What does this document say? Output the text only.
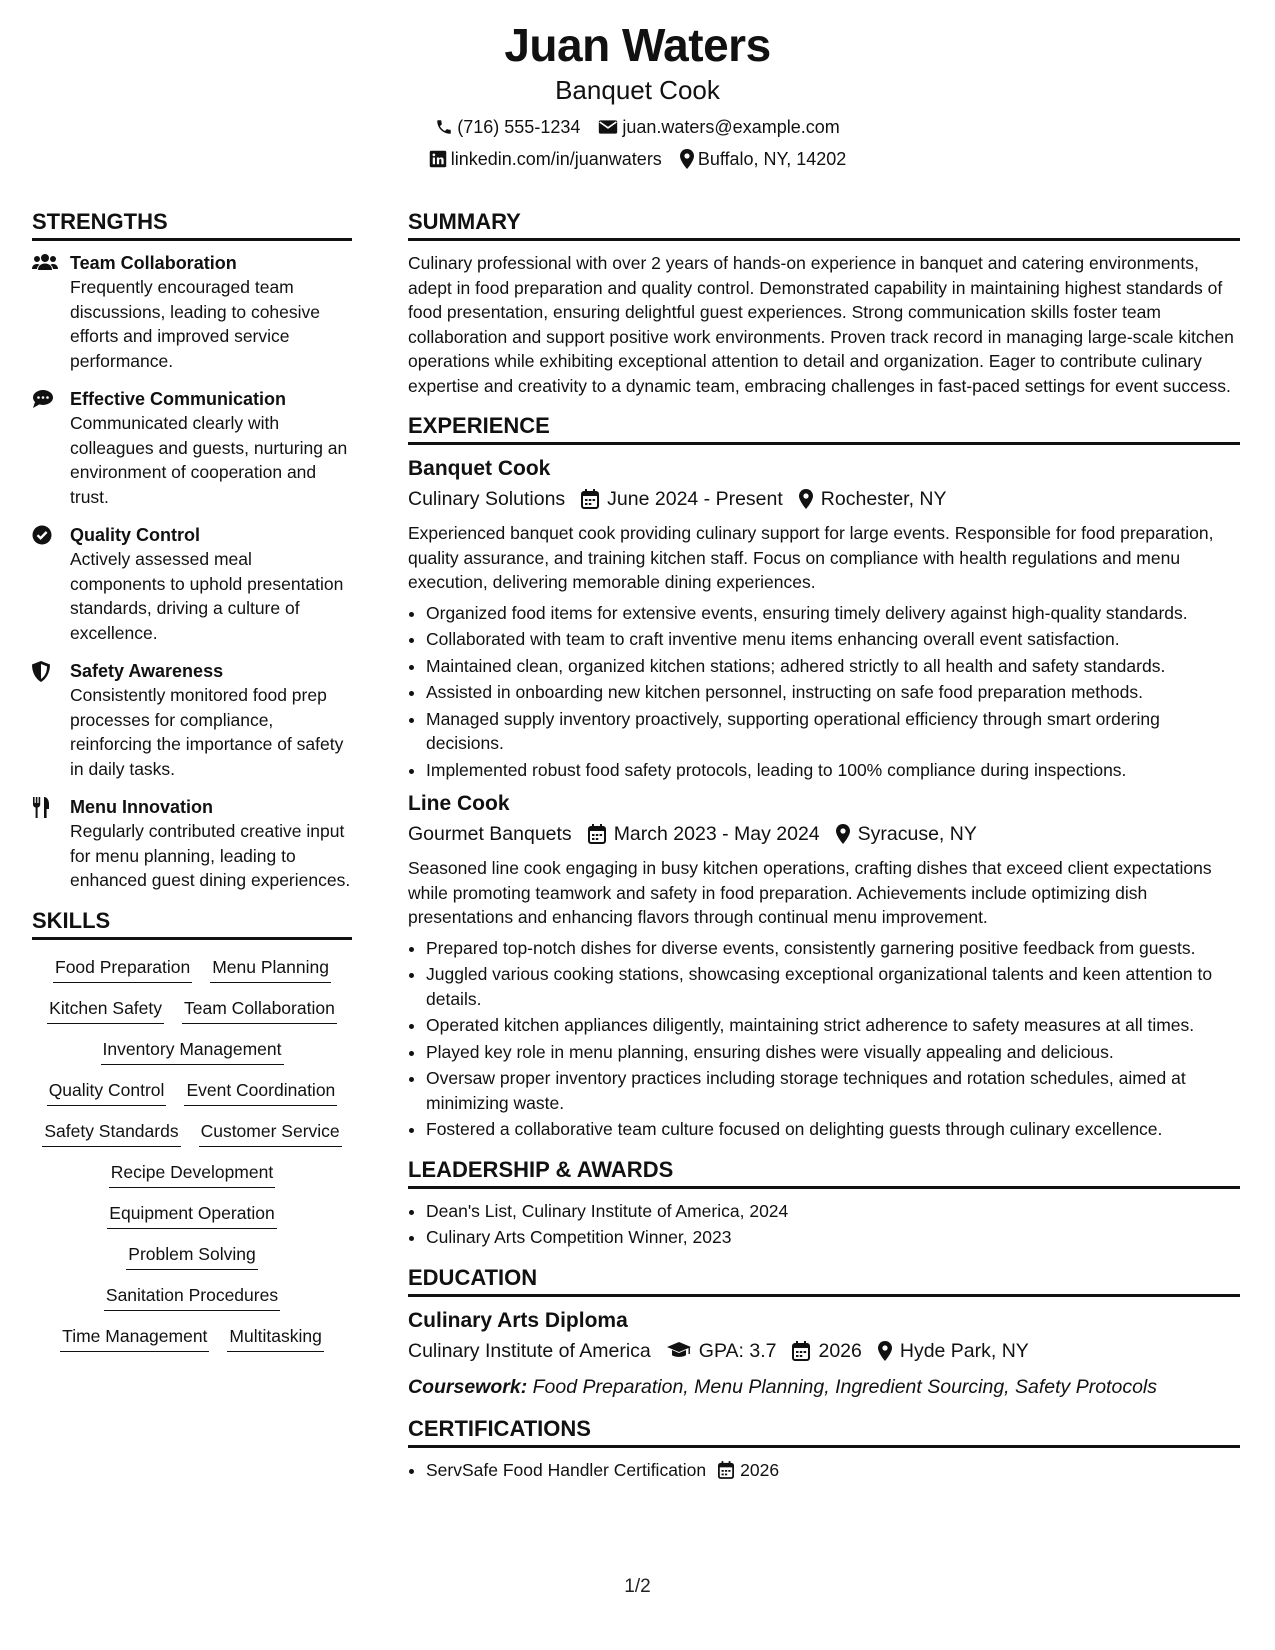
Juan Waters
Banquet Cook
(716) 555-1234 juan.waters@example.com
linkedin.com/in/juanwaters Buffalo, NY, 14202
STRENGTHS
Team Collaboration
Frequently encouraged team discussions, leading to cohesive efforts and improved service performance.
Effective Communication
Communicated clearly with colleagues and guests, nurturing an environment of cooperation and trust.
Quality Control
Actively assessed meal components to uphold presentation standards, driving a culture of excellence.
Safety Awareness
Consistently monitored food prep processes for compliance, reinforcing the importance of safety in daily tasks.
Menu Innovation
Regularly contributed creative input for menu planning, leading to enhanced guest dining experiences.
SKILLS
Food Preparation Menu Planning
Kitchen Safety Team Collaboration
Inventory Management
Quality Control Event Coordination
Safety Standards Customer Service
Recipe Development
Equipment Operation
Problem Solving
Sanitation Procedures
Time Management Multitasking
SUMMARY

Culinary professional with over 2 years of hands-on experience in banquet and catering environments, adept in food preparation and quality control. Demonstrated capability in maintaining highest standards of food presentation, ensuring delightful guest experiences. Strong communication skills foster team collaboration and support positive work environments. Proven track record in managing large-scale kitchen operations while exhibiting exceptional attention to detail and organization. Eager to contribute culinary expertise and creativity to a dynamic team, embracing challenges in fast-paced settings for event success.

EXPERIENCE
Banquet Cook
Culinary Solutions June 2024 - Present Rochester, NY

Experienced banquet cook providing culinary support for large events. Responsible for food preparation, quality assurance, and training kitchen staff. Focus on compliance with health regulations and menu execution, delivering memorable dining experiences.

• Organized food items for extensive events, ensuring timely delivery against high-quality standards.
• Collaborated with team to craft inventive menu items enhancing overall event satisfaction.
• Maintained clean, organized kitchen stations; adhered strictly to all health and safety standards.
• Assisted in onboarding new kitchen personnel, instructing on safe food preparation methods.
• Managed supply inventory proactively, supporting operational efficiency through smart ordering decisions.
• Implemented robust food safety protocols, leading to 100% compliance during inspections.
Line Cook
Gourmet Banquets March 2023 - May 2024 Syracuse, NY

Seasoned line cook engaging in busy kitchen operations, crafting dishes that exceed client expectations while promoting teamwork and safety in food preparation. Achievements include optimizing dish presentations and enhancing flavors through continual menu improvement.

• Prepared top-notch dishes for diverse events, consistently garnering positive feedback from guests.
• Juggled various cooking stations, showcasing exceptional organizational talents and keen attention to details.
• Operated kitchen appliances diligently, maintaining strict adherence to safety measures at all times.
• Played key role in menu planning, ensuring dishes were visually appealing and delicious.
• Oversaw proper inventory practices including storage techniques and rotation schedules, aimed at minimizing waste.
• Fostered a collaborative team culture focused on delighting guests through culinary excellence.
LEADERSHIP & AWARDS
• Dean's List, Culinary Institute of America, 2024
• Culinary Arts Competition Winner, 2023
EDUCATION
Culinary Arts Diploma
Culinary Institute of America GPA: 3.7 2026 Hyde Park, NY
Coursework: Food Preparation, Menu Planning, Ingredient Sourcing, Safety Protocols
CERTIFICATIONS
• ServSafe Food Handler Certification 2026
1/2
